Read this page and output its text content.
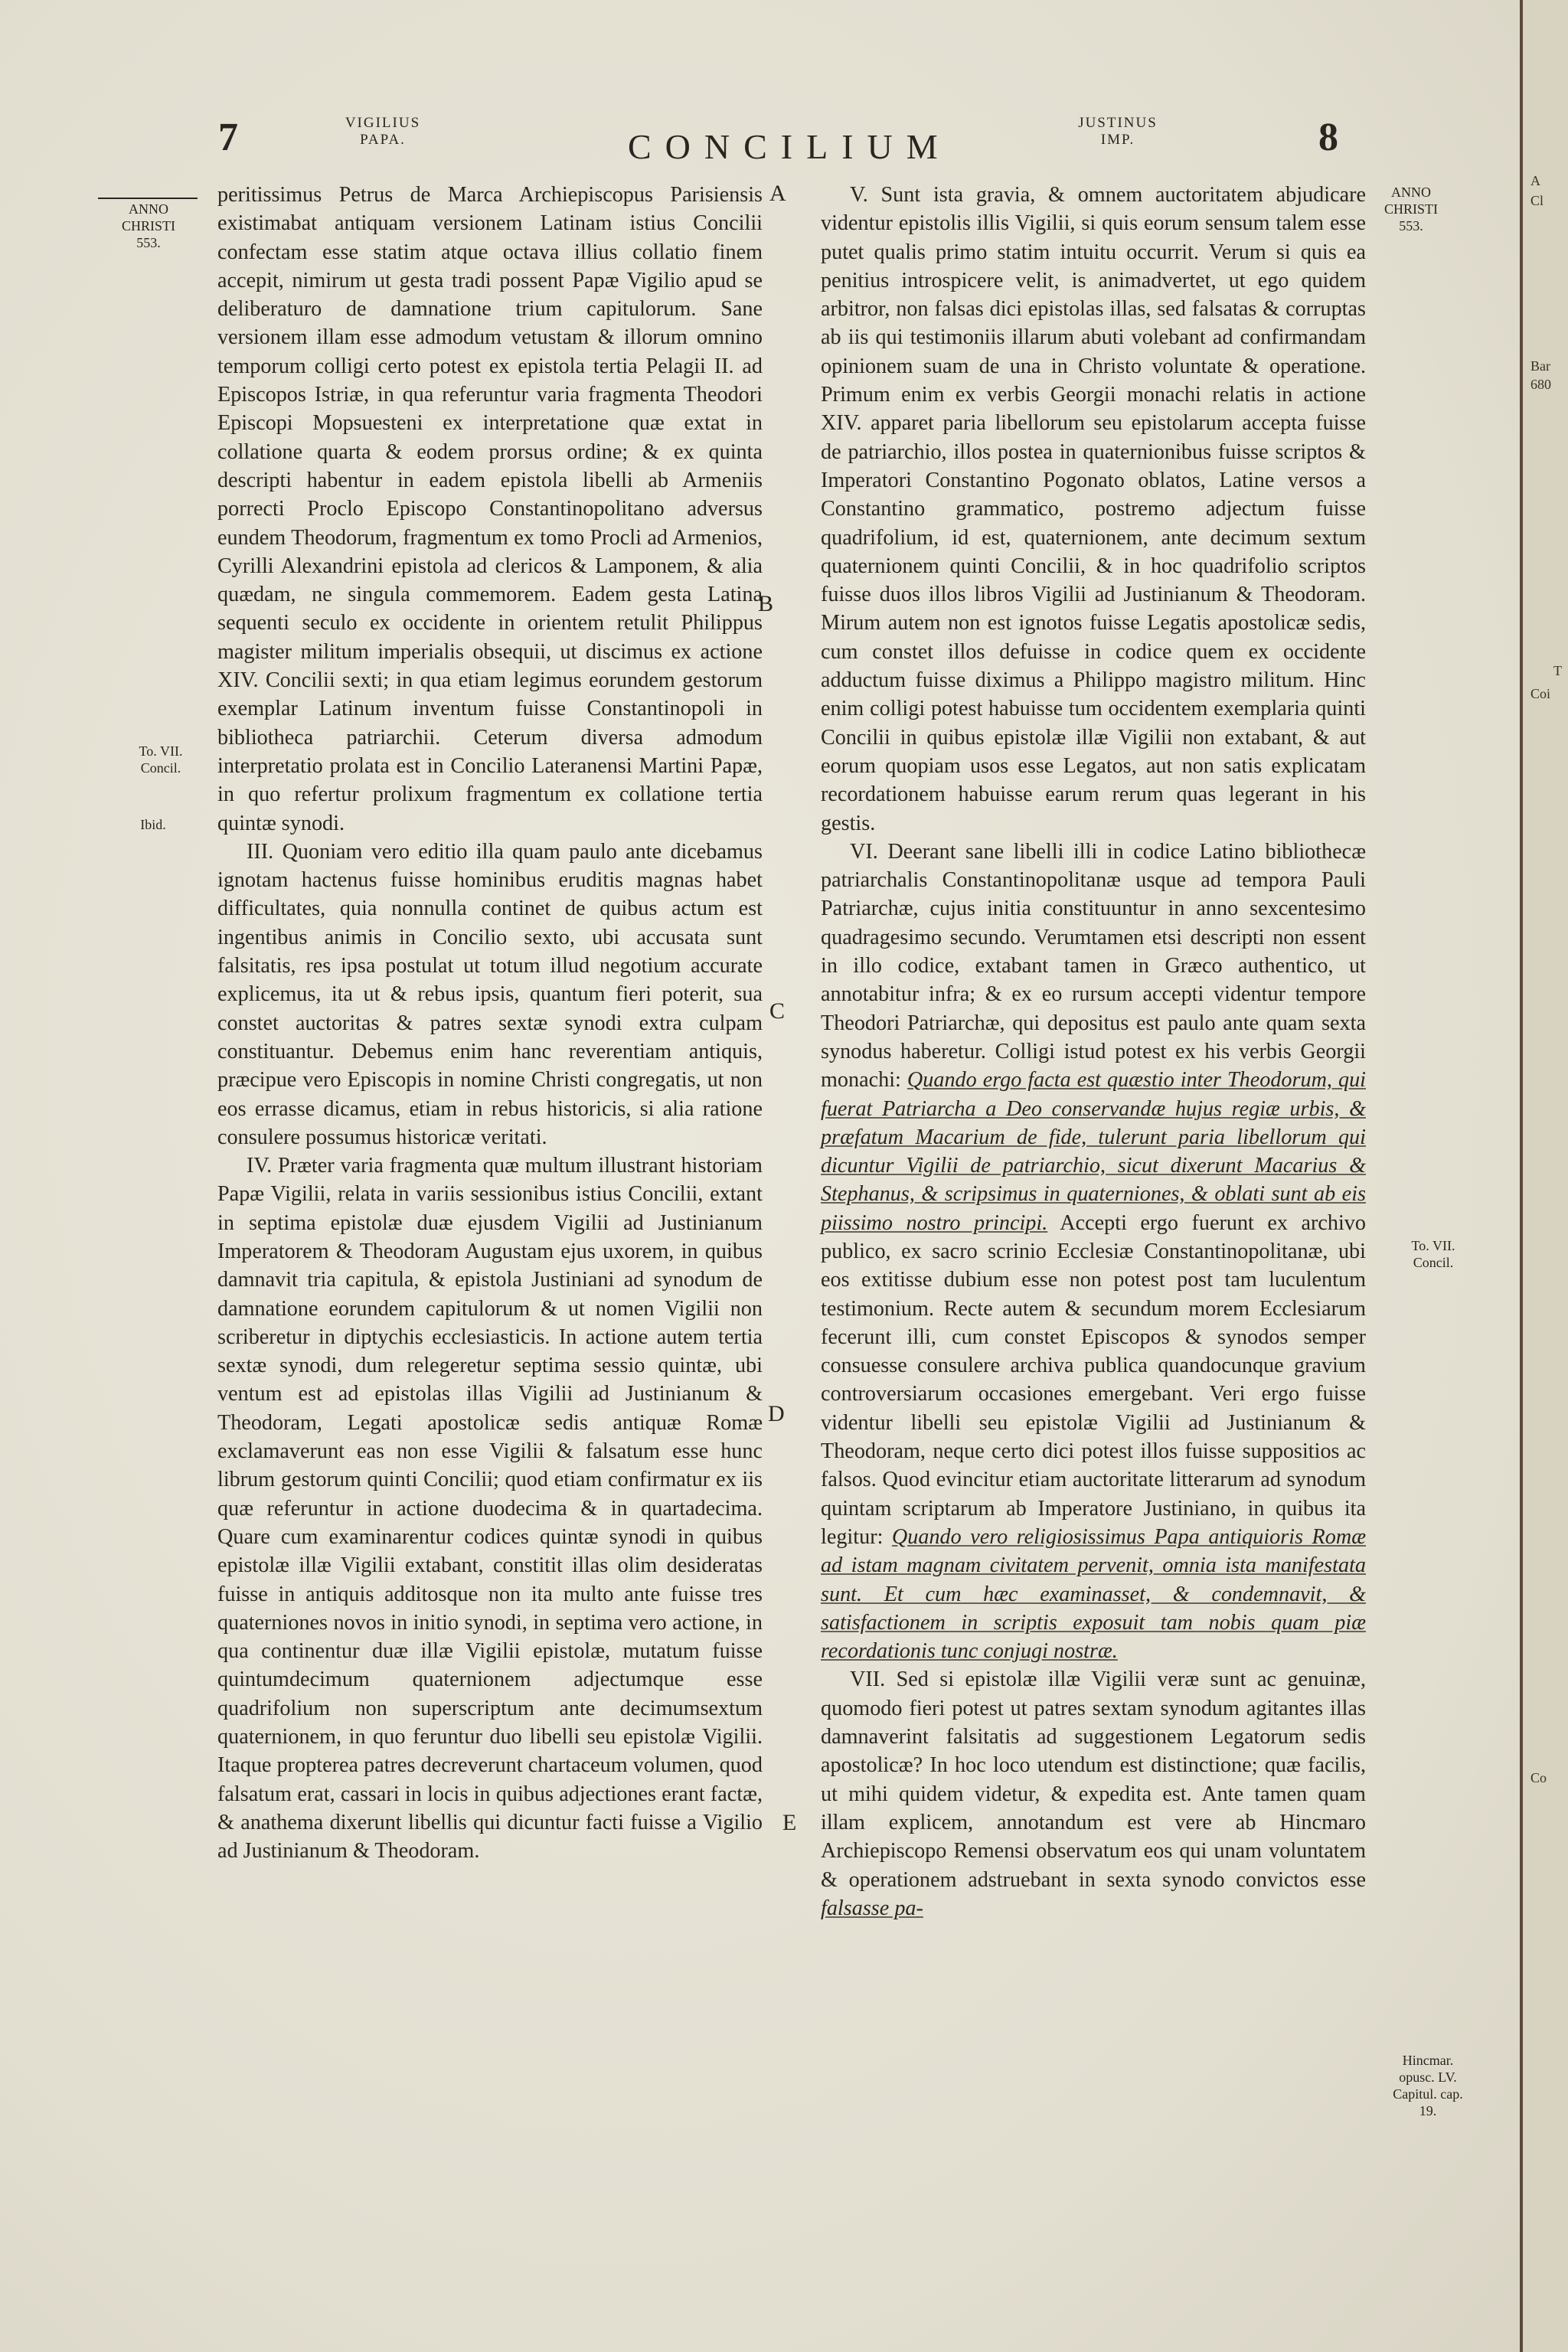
7	VIGILIUS
PAPA.	CONCILIUM
JUSTINUS
IMP.	8
ANNO
CHRISTI
553.
To. VII.
Concil.
Ibid.
ANNO
CHRISTI
553.
To. VII.
Concil.
Hincmar.
opusc. LV.
Capitul. cap.
19.
A
B
C
D
E

peritissimus Petrus de Marca Archiepiscopus Parisiensis existimabat antiquam versionem Latinam istius Concilii confectam esse statim atque octava illius collatio finem accepit, nimirum ut gesta tradi possent Papæ Vigilio apud se deliberaturo de damnatione trium capitulorum. Sane versionem illam esse admodum vetustam & illorum omnino temporum colligi certo potest ex epistola tertia Pelagii II. ad Episcopos Istriæ, in qua referuntur varia fragmenta Theodori Episcopi Mopsuesteni ex interpretatione quæ extat in collatione quarta & eodem prorsus ordine; & ex quinta descripti habentur in eadem epistola libelli ab Armeniis porrecti Proclo Episcopo Constantinopolitano adversus eundem Theodorum, fragmentum ex tomo Procli ad Armenios, Cyrilli Alexandrini epistola ad clericos & Lamponem, & alia quædam, ne singula commemorem. Eadem gesta Latina sequenti seculo ex occidente in orientem retulit Philippus magister militum imperialis obsequii, ut discimus ex actione XIV. Concilii sexti; in qua etiam legimus eorundem gestorum exemplar Latinum inventum fuisse Constantinopoli in bibliotheca patriarchii. Ceterum diversa admodum interpretatio prolata est in Concilio Lateranensi Martini Papæ, in quo refertur prolixum fragmentum ex collatione tertia quintæ synodi.

III. Quoniam vero editio illa quam paulo ante dicebamus ignotam hactenus fuisse hominibus eruditis magnas habet difficultates, quia nonnulla continet de quibus actum est ingentibus animis in Concilio sexto, ubi accusata sunt falsitatis, res ipsa postulat ut totum illud negotium accurate explicemus, ita ut & rebus ipsis, quantum fieri poterit, sua constet auctoritas & patres sextæ synodi extra culpam constituantur. Debemus enim hanc reverentiam antiquis, præcipue vero Episcopis in nomine Christi congregatis, ut non eos errasse dicamus, etiam in rebus historicis, si alia ratione consulere possumus historicæ veritati.

IV. Præter varia fragmenta quæ multum illustrant historiam Papæ Vigilii, relata in variis sessionibus istius Concilii, extant in septima epistolæ duæ ejusdem Vigilii ad Justinianum Imperatorem & Theodoram Augustam ejus uxorem, in quibus damnavit tria capitula, & epistola Justiniani ad synodum de damnatione eorundem capitulorum & ut nomen Vigilii non scriberetur in diptychis ecclesiasticis. In actione autem tertia sextæ synodi, dum relegeretur septima sessio quintæ, ubi ventum est ad epistolas illas Vigilii ad Justinianum & Theodoram, Legati apostolicæ sedis antiquæ Romæ exclamaverunt eas non esse Vigilii & falsatum esse hunc librum gestorum quinti Concilii; quod etiam confirmatur ex iis quæ referuntur in actione duodecima & in quartadecima. Quare cum examinarentur codices quintæ synodi in quibus epistolæ illæ Vigilii extabant, constitit illas olim desideratas fuisse in antiquis additosque non ita multo ante fuisse tres quaterniones novos in initio synodi, in septima vero actione, in qua continentur duæ illæ Vigilii epistolæ, mutatum fuisse quintumdecimum quaternionem adjectumque esse quadrifolium non superscriptum ante decimumsextum quaternionem, in quo feruntur duo libelli seu epistolæ Vigilii. Itaque propterea patres decreverunt chartaceum volumen, quod falsatum erat, cassari in locis in quibus adjectiones erant factæ, & anathema dixerunt libellis qui dicuntur facti fuisse a Vigilio ad Justinianum & Theodoram.

V. Sunt ista gravia, & omnem auctoritatem abjudicare videntur epistolis illis Vigilii, si quis eorum sensum talem esse putet qualis primo statim intuitu occurrit. Verum si quis ea penitius introspicere velit, is animadvertet, ut ego quidem arbitror, non falsas dici epistolas illas, sed falsatas & corruptas ab iis qui testimoniis illarum abuti volebant ad confirmandam opinionem suam de una in Christo voluntate & operatione. Primum enim ex verbis Georgii monachi relatis in actione XIV. apparet paria libellorum seu epistolarum accepta fuisse de patriarchio, illos postea in quaternionibus fuisse scriptos & Imperatori Constantino Pogonato oblatos, Latine versos a Constantino grammatico, postremo adjectum fuisse quadrifolium, id est, quaternionem, ante decimum sextum quaternionem quinti Concilii, & in hoc quadrifolio scriptos fuisse duos illos libros Vigilii ad Justinianum & Theodoram. Mirum autem non est ignotos fuisse Legatis apostolicæ sedis, cum constet illos defuisse in codice quem ex occidente adductum fuisse diximus a Philippo magistro militum. Hinc enim colligi potest habuisse tum occidentem exemplaria quinti Concilii in quibus epistolæ illæ Vigilii non extabant, & aut eorum quopiam usos esse Legatos, aut non satis explicatam recordationem habuisse earum rerum quas legerant in his gestis.

VI. Deerant sane libelli illi in codice Latino bibliothecæ patriarchalis Constantinopolitanæ usque ad tempora Pauli Patriarchæ, cujus initia constituuntur in anno sexcentesimo quadragesimo secundo. Verumtamen etsi descripti non essent in illo codice, extabant tamen in Græco authentico, ut annotabitur infra; & ex eo rursum accepti videntur tempore Theodori Patriarchæ, qui depositus est paulo ante quam sexta synodus haberetur. Colligi istud potest ex his verbis Georgii monachi: Quando ergo facta est quæstio inter Theodorum, qui fuerat Patriarcha a Deo conservandæ hujus regiæ urbis, & præfatum Macarium de fide, tulerunt paria libellorum qui dicuntur Vigilii de patriarchio, sicut dixerunt Macarius & Stephanus, & scripsimus in quaterniones, & oblati sunt ab eis piissimo nostro principi. Accepti ergo fuerunt ex archivo publico, ex sacro scrinio Ecclesiæ Constantinopolitanæ, ubi eos extitisse dubium esse non potest post tam luculentum testimonium. Recte autem & secundum morem Ecclesiarum fecerunt illi, cum constet Episcopos & synodos semper consuesse consulere archiva publica quandocunque gravium controversiarum occasiones emergebant. Veri ergo fuisse videntur libelli seu epistolæ Vigilii ad Justinianum & Theodoram, neque certo dici potest illos fuisse suppositios ac falsos. Quod evincitur etiam auctoritate litterarum ad synodum quintam scriptarum ab Imperatore Justiniano, in quibus ita legitur: Quando vero religiosissimus Papa antiquioris Romæ ad istam magnam civitatem pervenit, omnia ista manifestata sunt. Et cum hæc examinasset, & condemnavit, & satisfactionem in scriptis exposuit tam nobis quam piæ recordationis tunc conjugi nostræ.

VII. Sed si epistolæ illæ Vigilii veræ sunt ac genuinæ, quomodo fieri potest ut patres sextam synodum agitantes illas damnaverint falsitatis ad suggestionem Legatorum sedis apostolicæ? In hoc loco utendum est distinctione; quæ facilis, ut mihi quidem videtur, & expedita est. Ante tamen quam illam explicem, annotandum est vere ab Hincmaro Archiepiscopo Remensi observatum eos qui unam voluntatem & operationem adstruebant in sexta synodo convictos esse falsasse pa-

A
Cl
Bar
680
T
Coi
Co
